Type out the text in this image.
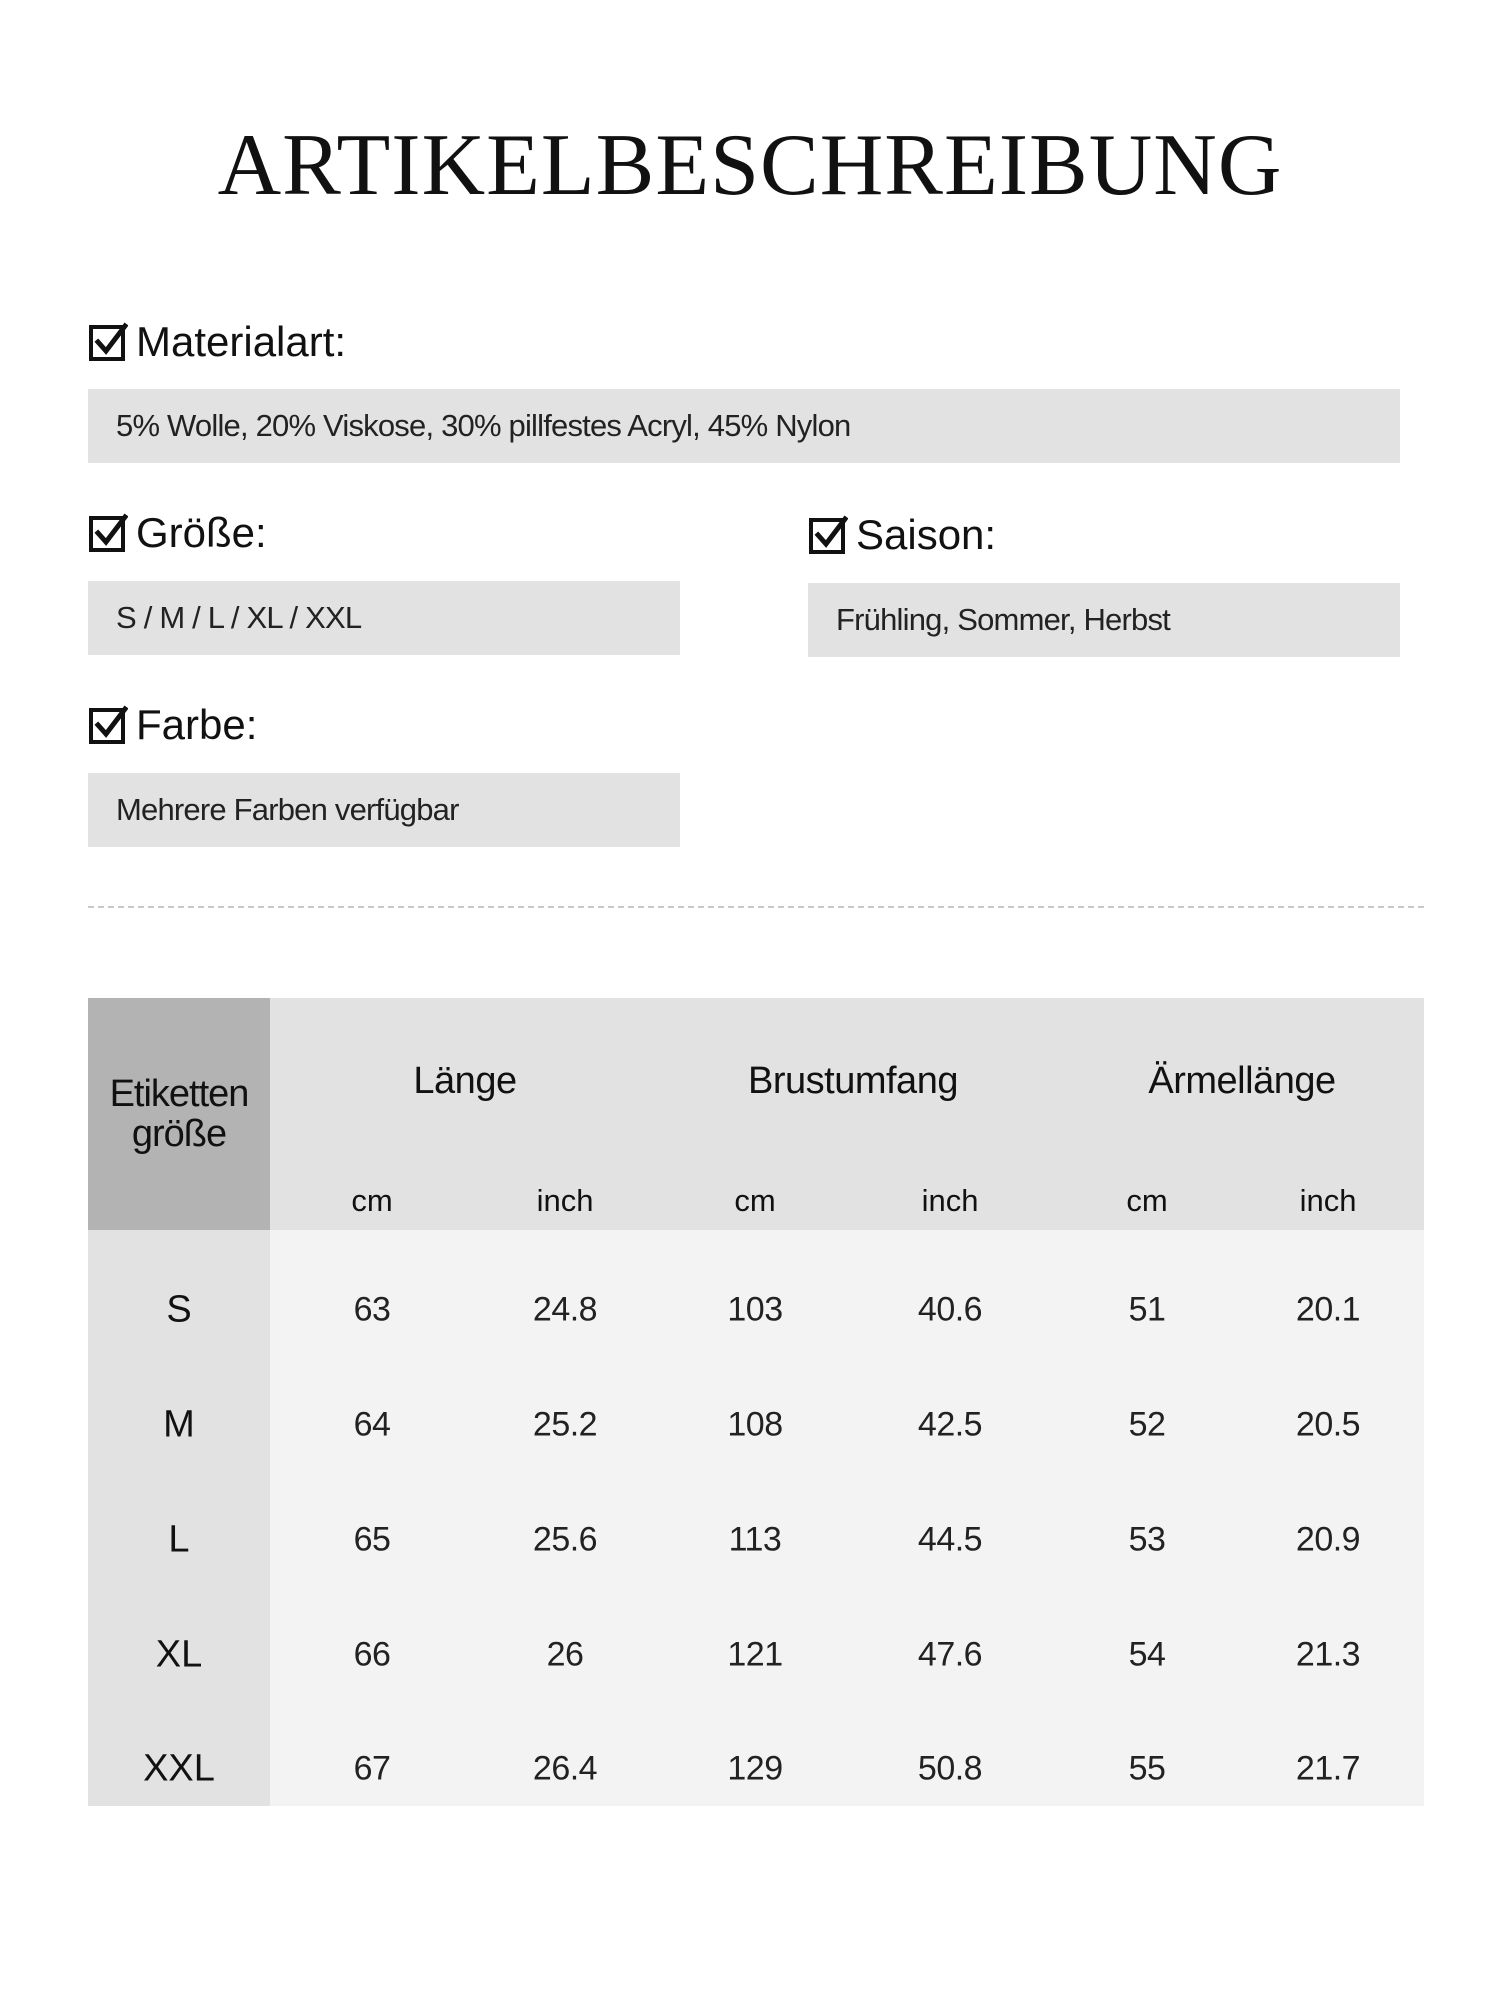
ARTIKELBESCHREIBUNG
Materialart:
5% Wolle, 20% Viskose, 30% pillfestes Acryl, 45% Nylon
Größe:
S / M / L / XL / XXL
Saison:
Frühling, Sommer, Herbst
Farbe:
Mehrere Farben verfügbar
Etiketten
größe
Länge	Brustumfang	Ärmellänge
cm	inch	cm	inch	cm	inch
S	63	24.8	103	40.6	51	20.1
M	64	25.2	108	42.5	52	20.5
L	65	25.6	113	44.5	53	20.9
XL	66	26	121	47.6	54	21.3
XXL	67	26.4	129	50.8	55	21.7
